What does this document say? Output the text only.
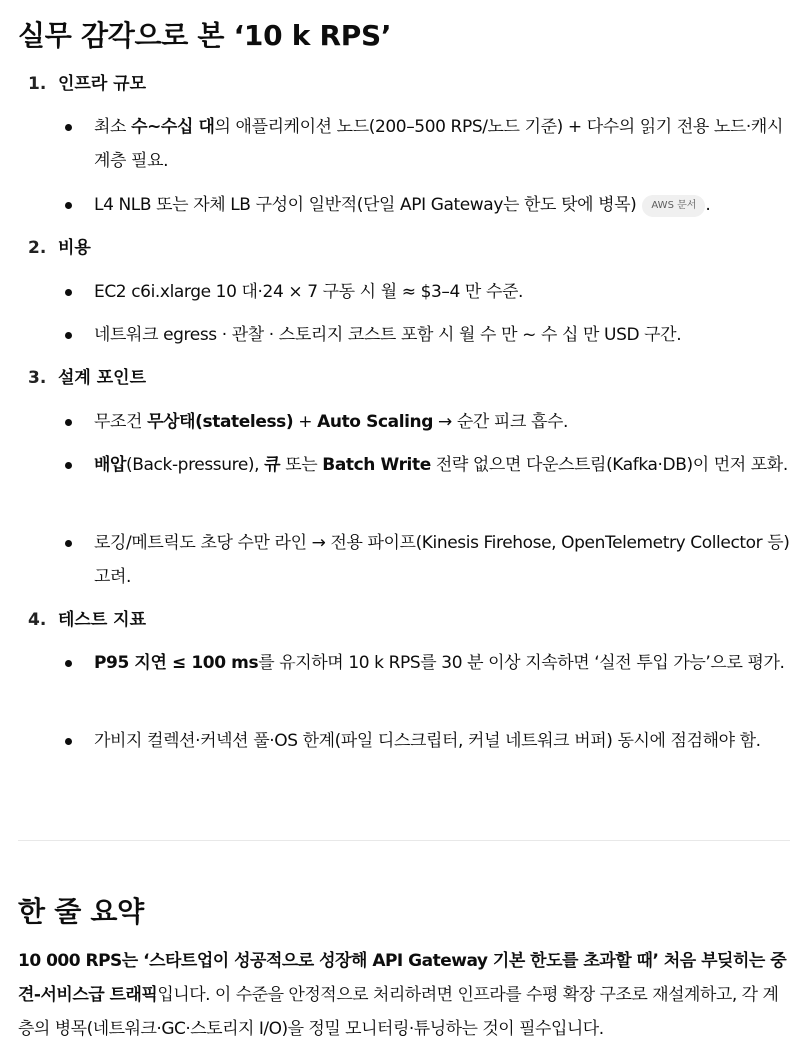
실무 감각으로 본 ‘10 k RPS’
1. 인프라 규모
최소 수~수십 대의 애플리케이션 노드(200–500 RPS/노드 기준) + 다수의 읽기 전용 노드·캐시 계층 필요.
L4 NLB 또는 자체 LB 구성이 일반적(단일 API Gateway는 한도 탓에 병목) AWS 문서 .
2. 비용
EC2 c6i.xlarge 10 대·24 × 7 구동 시 월 ≈ $3–4 만 수준.
네트워크 egress · 관찰 · 스토리지 코스트 포함 시 월 수 만 ~ 수 십 만 USD 구간.
3. 설계 포인트
무조건 무상태(stateless) + Auto Scaling → 순간 피크 흡수.
배압(Back-pressure), 큐 또는 Batch Write 전략 없으면 다운스트림(Kafka·DB)이 먼저 포화.
로깅/메트릭도 초당 수만 라인 → 전용 파이프(Kinesis Firehose, OpenTelemetry Collector 등) 고려.
4. 테스트 지표
P95 지연 ≤ 100 ms를 유지하며 10 k RPS를 30 분 이상 지속하면 ‘실전 투입 가능’으로 평가.
가비지 컬렉션·커넥션 풀·OS 한계(파일 디스크립터, 커널 네트워크 버퍼) 동시에 점검해야 함.
한 줄 요약
10 000 RPS는 ‘스타트업이 성공적으로 성장해 API Gateway 기본 한도를 초과할 때’ 처음 부딪히는 중견-서비스급 트래픽입니다. 이 수준을 안정적으로 처리하려면 인프라를 수평 확장 구조로 재설계하고, 각 계층의 병목(네트워크·GC·스토리지 I/O)을 정밀 모니터링·튜닝하는 것이 필수입니다.
